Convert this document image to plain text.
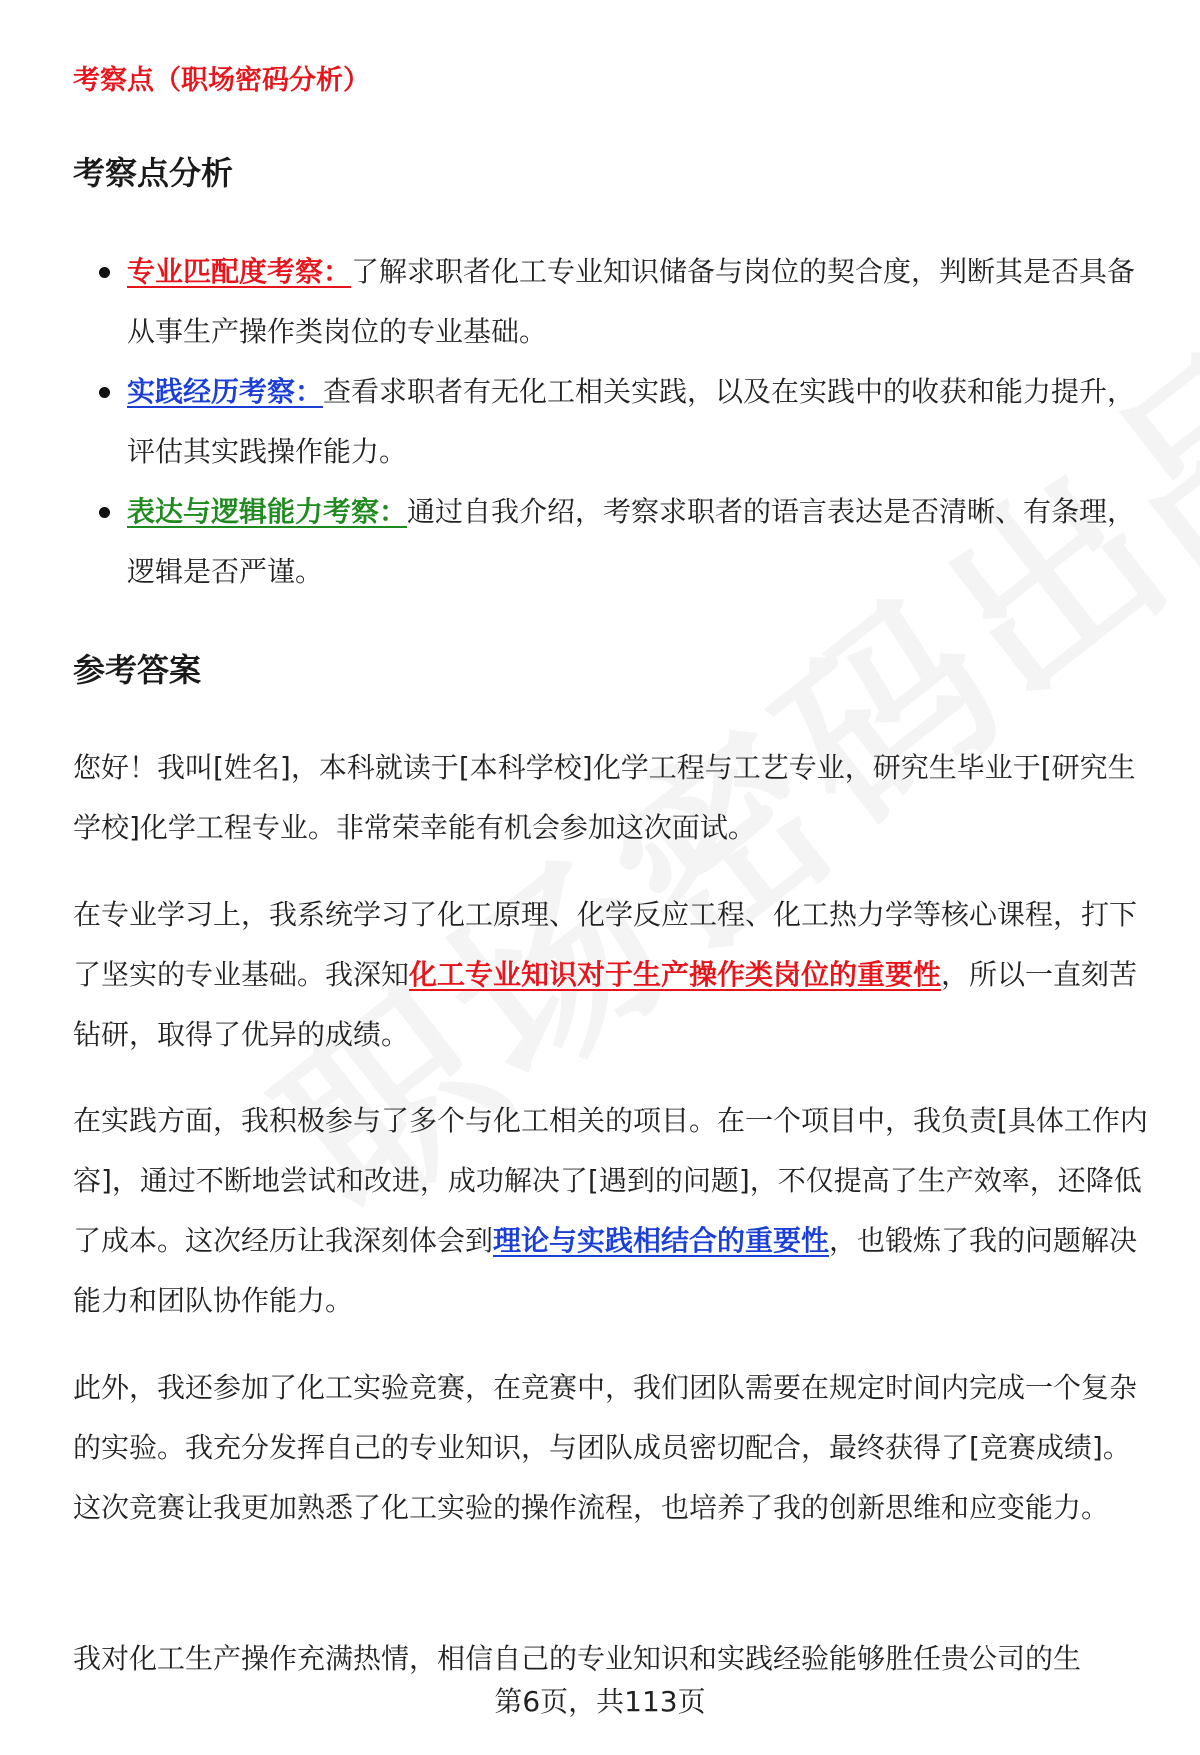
考察点（职场密码分析）
考察点分析
专业匹配度考察：了解求职者化工专业知识储备与岗位的契合度，判断其是否具备从事生产操作类岗位的专业基础。
实践经历考察：查看求职者有无化工相关实践，以及在实践中的收获和能力提升，评估其实践操作能力。
表达与逻辑能力考察：通过自我介绍，考察求职者的语言表达是否清晰、有条理，逻辑是否严谨。
参考答案

您好！我叫[姓名]，本科就读于[本科学校]化学工程与工艺专业，研究生毕业于[研究生学校]化学工程专业。非常荣幸能有机会参加这次面试。

在专业学习上，我系统学习了化工原理、化学反应工程、化工热力学等核心课程，打下了坚实的专业基础。我深知化工专业知识对于生产操作类岗位的重要性，所以一直刻苦钻研，取得了优异的成绩。

在实践方面，我积极参与了多个与化工相关的项目。在一个项目中，我负责[具体工作内容]，通过不断地尝试和改进，成功解决了[遇到的问题]，不仅提高了生产效率，还降低了成本。这次经历让我深刻体会到理论与实践相结合的重要性，也锻炼了我的问题解决能力和团队协作能力。

此外，我还参加了化工实验竞赛，在竞赛中，我们团队需要在规定时间内完成一个复杂的实验。我充分发挥自己的专业知识，与团队成员密切配合，最终获得了[竞赛成绩]。这次竞赛让我更加熟悉了化工实验的操作流程，也培养了我的创新思维和应变能力。

我对化工生产操作充满热情，相信自己的专业知识和实践经验能够胜任贵公司的生

第6页，共113页
